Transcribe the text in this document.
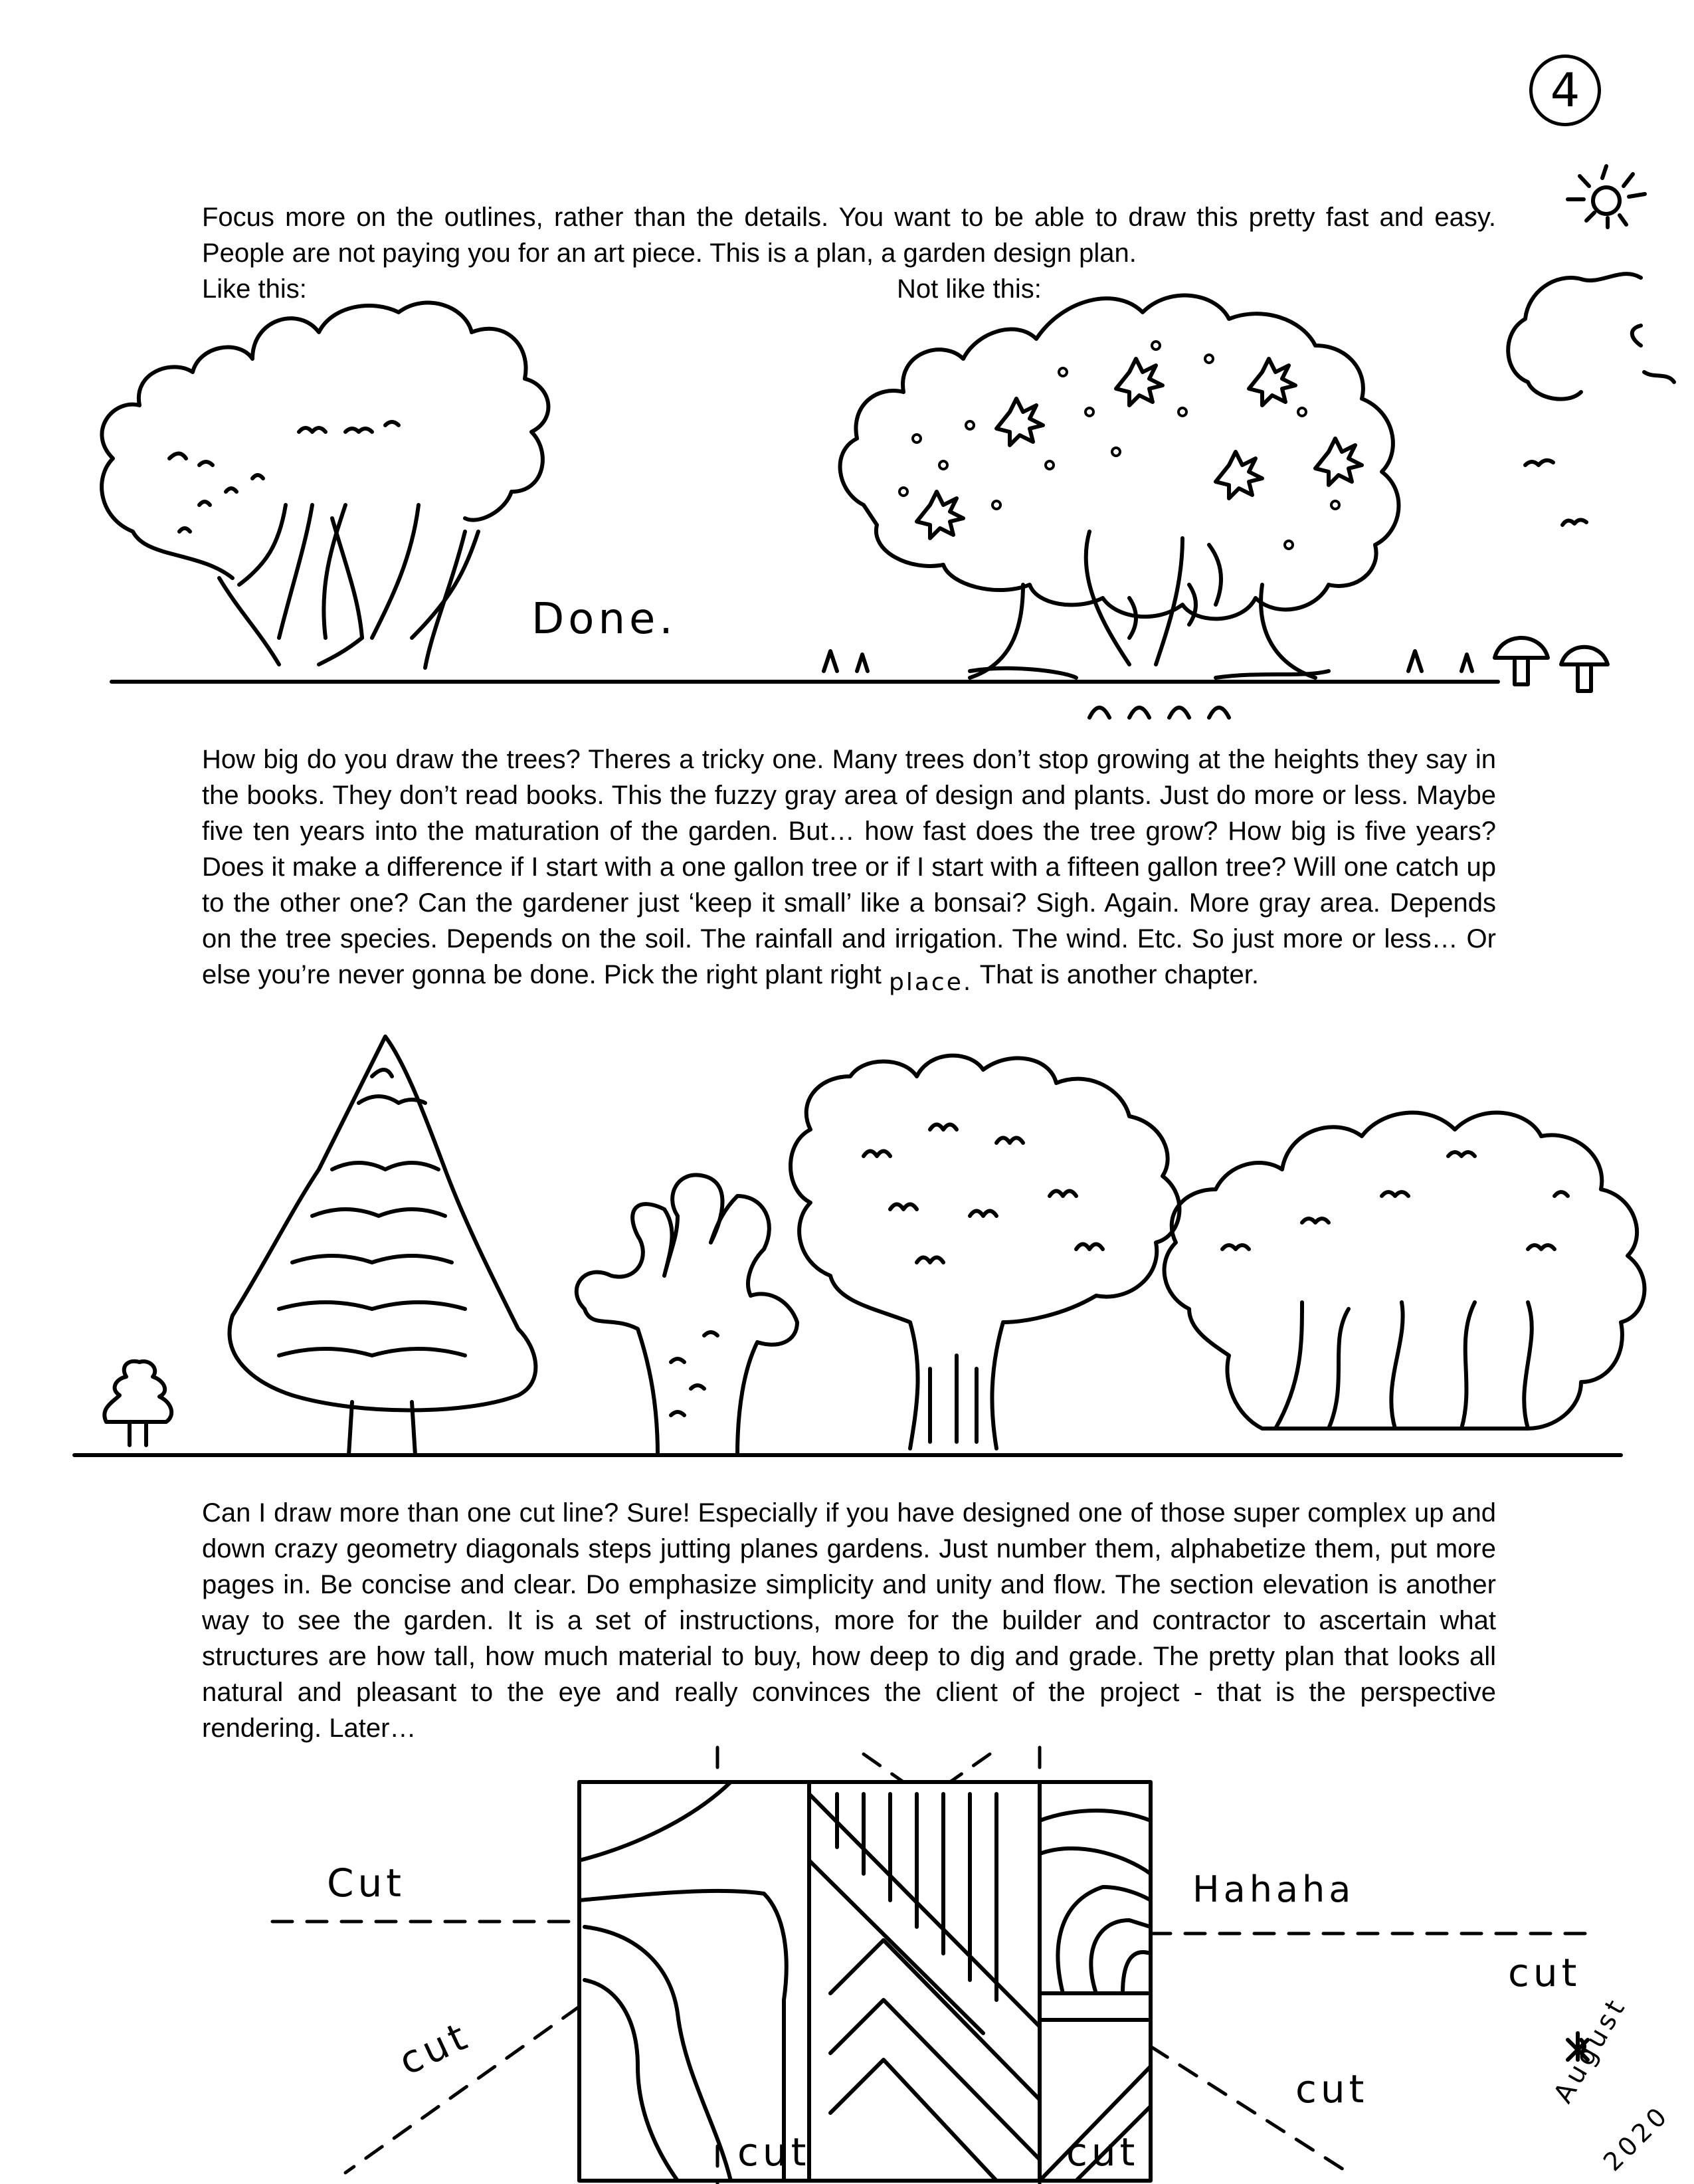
4

Focus more on the outlines, rather than the details. You want to be able to draw this pretty fast and easy. People are not paying you for an art piece. This is a plan, a garden design plan.

Like this:	Not like this:
Done.

How big do you draw the trees? Theres a tricky one. Many trees don’t stop growing at the heights they say in the books. They don’t read books. This the fuzzy gray area of design and plants. Just do more or less. Maybe five ten years into the maturation of the garden. But… how fast does the tree grow? How big is five years? Does it make a difference if I start with a one gallon tree or if I start with a fifteen gallon tree? Will one catch up to the other one? Can the gardener just ‘keep it small’ like a bonsai? Sigh. Again. More gray area. Depends on the tree species. Depends on the soil. The rainfall and irrigation. The wind. Etc. So just more or less… Or else you’re never gonna be done. Pick the right plant right place. That is another chapter.

Can I draw more than one cut line? Sure! Especially if you have designed one of those super complex up and down crazy geometry diagonals steps jutting planes gardens. Just number them, alphabetize them, put more pages in. Be concise and clear. Do emphasize simplicity and unity and flow. The section elevation is another way to see the garden. It is a set of instructions, more for the builder and contractor to ascertain what structures are how tall, how much material to buy, how deep to dig and grade. The pretty plan that looks all natural and pleasant to the eye and really convinces the client of the project - that is the perspective rendering. Later…

Cut	Hahaha
cut
cut
cut
cut	cut
August
2020
